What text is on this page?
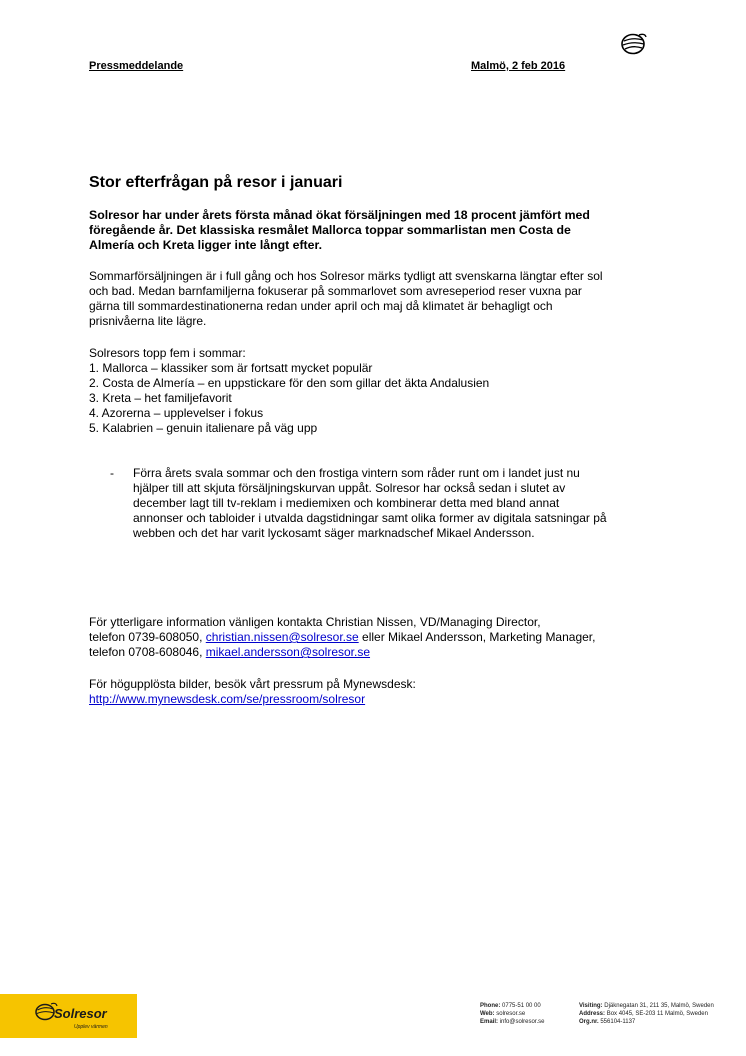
Pressmeddelande	Malmö, 2 feb 2016
Stor efterfrågan på resor i januari
Solresor har under årets första månad ökat försäljningen med 18 procent jämfört med
föregående år. Det klassiska resmålet Mallorca toppar sommarlistan men Costa de
Almería och Kreta ligger inte långt efter.
Sommarförsäljningen är i full gång och hos Solresor märks tydligt att svenskarna längtar efter sol
och bad. Medan barnfamiljerna fokuserar på sommarlovet som avreseperiod reser vuxna par
gärna till sommardestinationerna redan under april och maj då klimatet är behagligt och
prisnivåerna lite lägre.
Solresors topp fem i sommar:
1. Mallorca – klassiker som är fortsatt mycket populär
2. Costa de Almería – en uppstickare för den som gillar det äkta Andalusien
3. Kreta – het familjefavorit
4. Azorerna – upplevelser i fokus
5. Kalabrien – genuin italienare på väg upp
- Förra årets svala sommar och den frostiga vintern som råder runt om i landet just nu
hjälper till att skjuta försäljningskurvan uppåt. Solresor har också sedan i slutet av
december lagt till tv-reklam i mediemixen och kombinerar detta med bland annat
annonser och tabloider i utvalda dagstidningar samt olika former av digitala satsningar på
webben och det har varit lyckosamt säger marknadschef Mikael Andersson.
För ytterligare information vänligen kontakta Christian Nissen, VD/Managing Director,
telefon 0739-608050, christian.nissen@solresor.se eller Mikael Andersson, Marketing Manager,
telefon 0708-608046, mikael.andersson@solresor.se
För högupplösta bilder, besök vårt pressrum på Mynewsdesk:
http://www.mynewsdesk.com/se/pressroom/solresor
Solresor
Upplev värmen
Phone: 0775-51 00 00
Web: solresor.se
Email: info@solresor.se
Visiting: Djäknegatan 31, 211 35, Malmö, Sweden
Address: Box 4045, SE-203 11 Malmö, Sweden
Org.nr. 556104-1137
